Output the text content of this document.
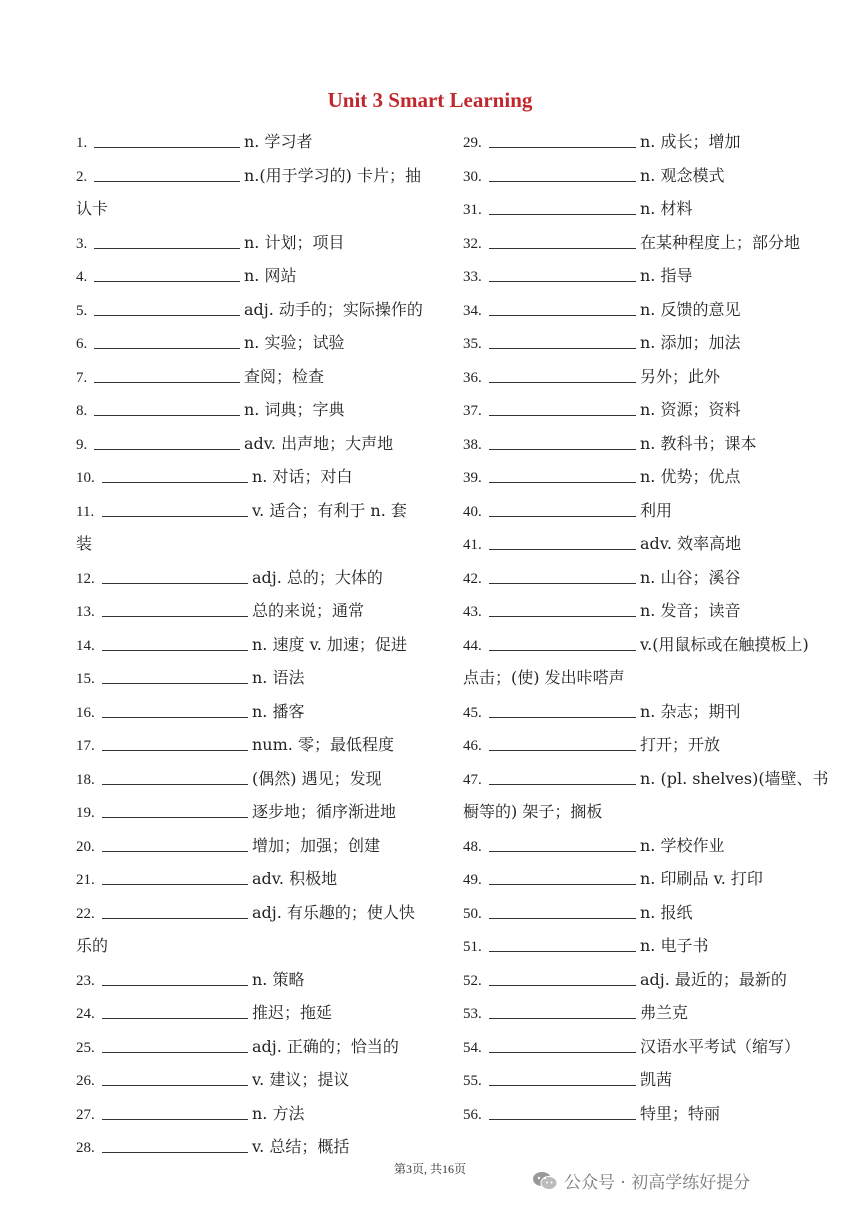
Unit 3 Smart Learning
1.	n. 学习者
2.	n.(用于学习的) 卡片；抽
认卡
3.	n. 计划；项目
4.	n. 网站
5.	adj. 动手的；实际操作的
6.	n. 实验；试验
7.	查阅；检查
8.	n. 词典；字典
9.	adv. 出声地；大声地
10.	n. 对话；对白
11.	v. 适合；有利于 n. 套
装
12.	adj. 总的；大体的
13.	总的来说；通常
14.	n. 速度 v. 加速；促进
15.	n. 语法
16.	n. 播客
17.	num. 零；最低程度
18.	(偶然) 遇见；发现
19.	逐步地；循序渐进地
20.	增加；加强；创建
21.	adv. 积极地
22.	adj. 有乐趣的；使人快
乐的
23.	n. 策略
24.	推迟；拖延
25.	adj. 正确的；恰当的
26.	v. 建议；提议
27.	n. 方法
28.	v. 总结；概括
29.	n. 成长；增加
30.	n. 观念模式
31.	n. 材料
32.	在某种程度上；部分地
33.	n. 指导
34.	n. 反馈的意见
35.	n. 添加；加法
36.	另外；此外
37.	n. 资源；资料
38.	n. 教科书；课本
39.	n. 优势；优点
40.	利用
41.	adv. 效率高地
42.	n. 山谷；溪谷
43.	n. 发音；读音
44.	v.(用鼠标或在触摸板上)
点击；(使) 发出咔嗒声
45.	n. 杂志；期刊
46.	打开；开放
47.	n. (pl. shelves)(墙壁、书
橱等的) 架子；搁板
48.	n. 学校作业
49.	n. 印刷品 v. 打印
50.	n. 报纸
51.	n. 电子书
52.	adj. 最近的；最新的
53.	弗兰克
54.	汉语水平考试（缩写）
55.	凯茜
56.	特里；特丽
第3页, 共16页
公众号 · 初高学练好提分
